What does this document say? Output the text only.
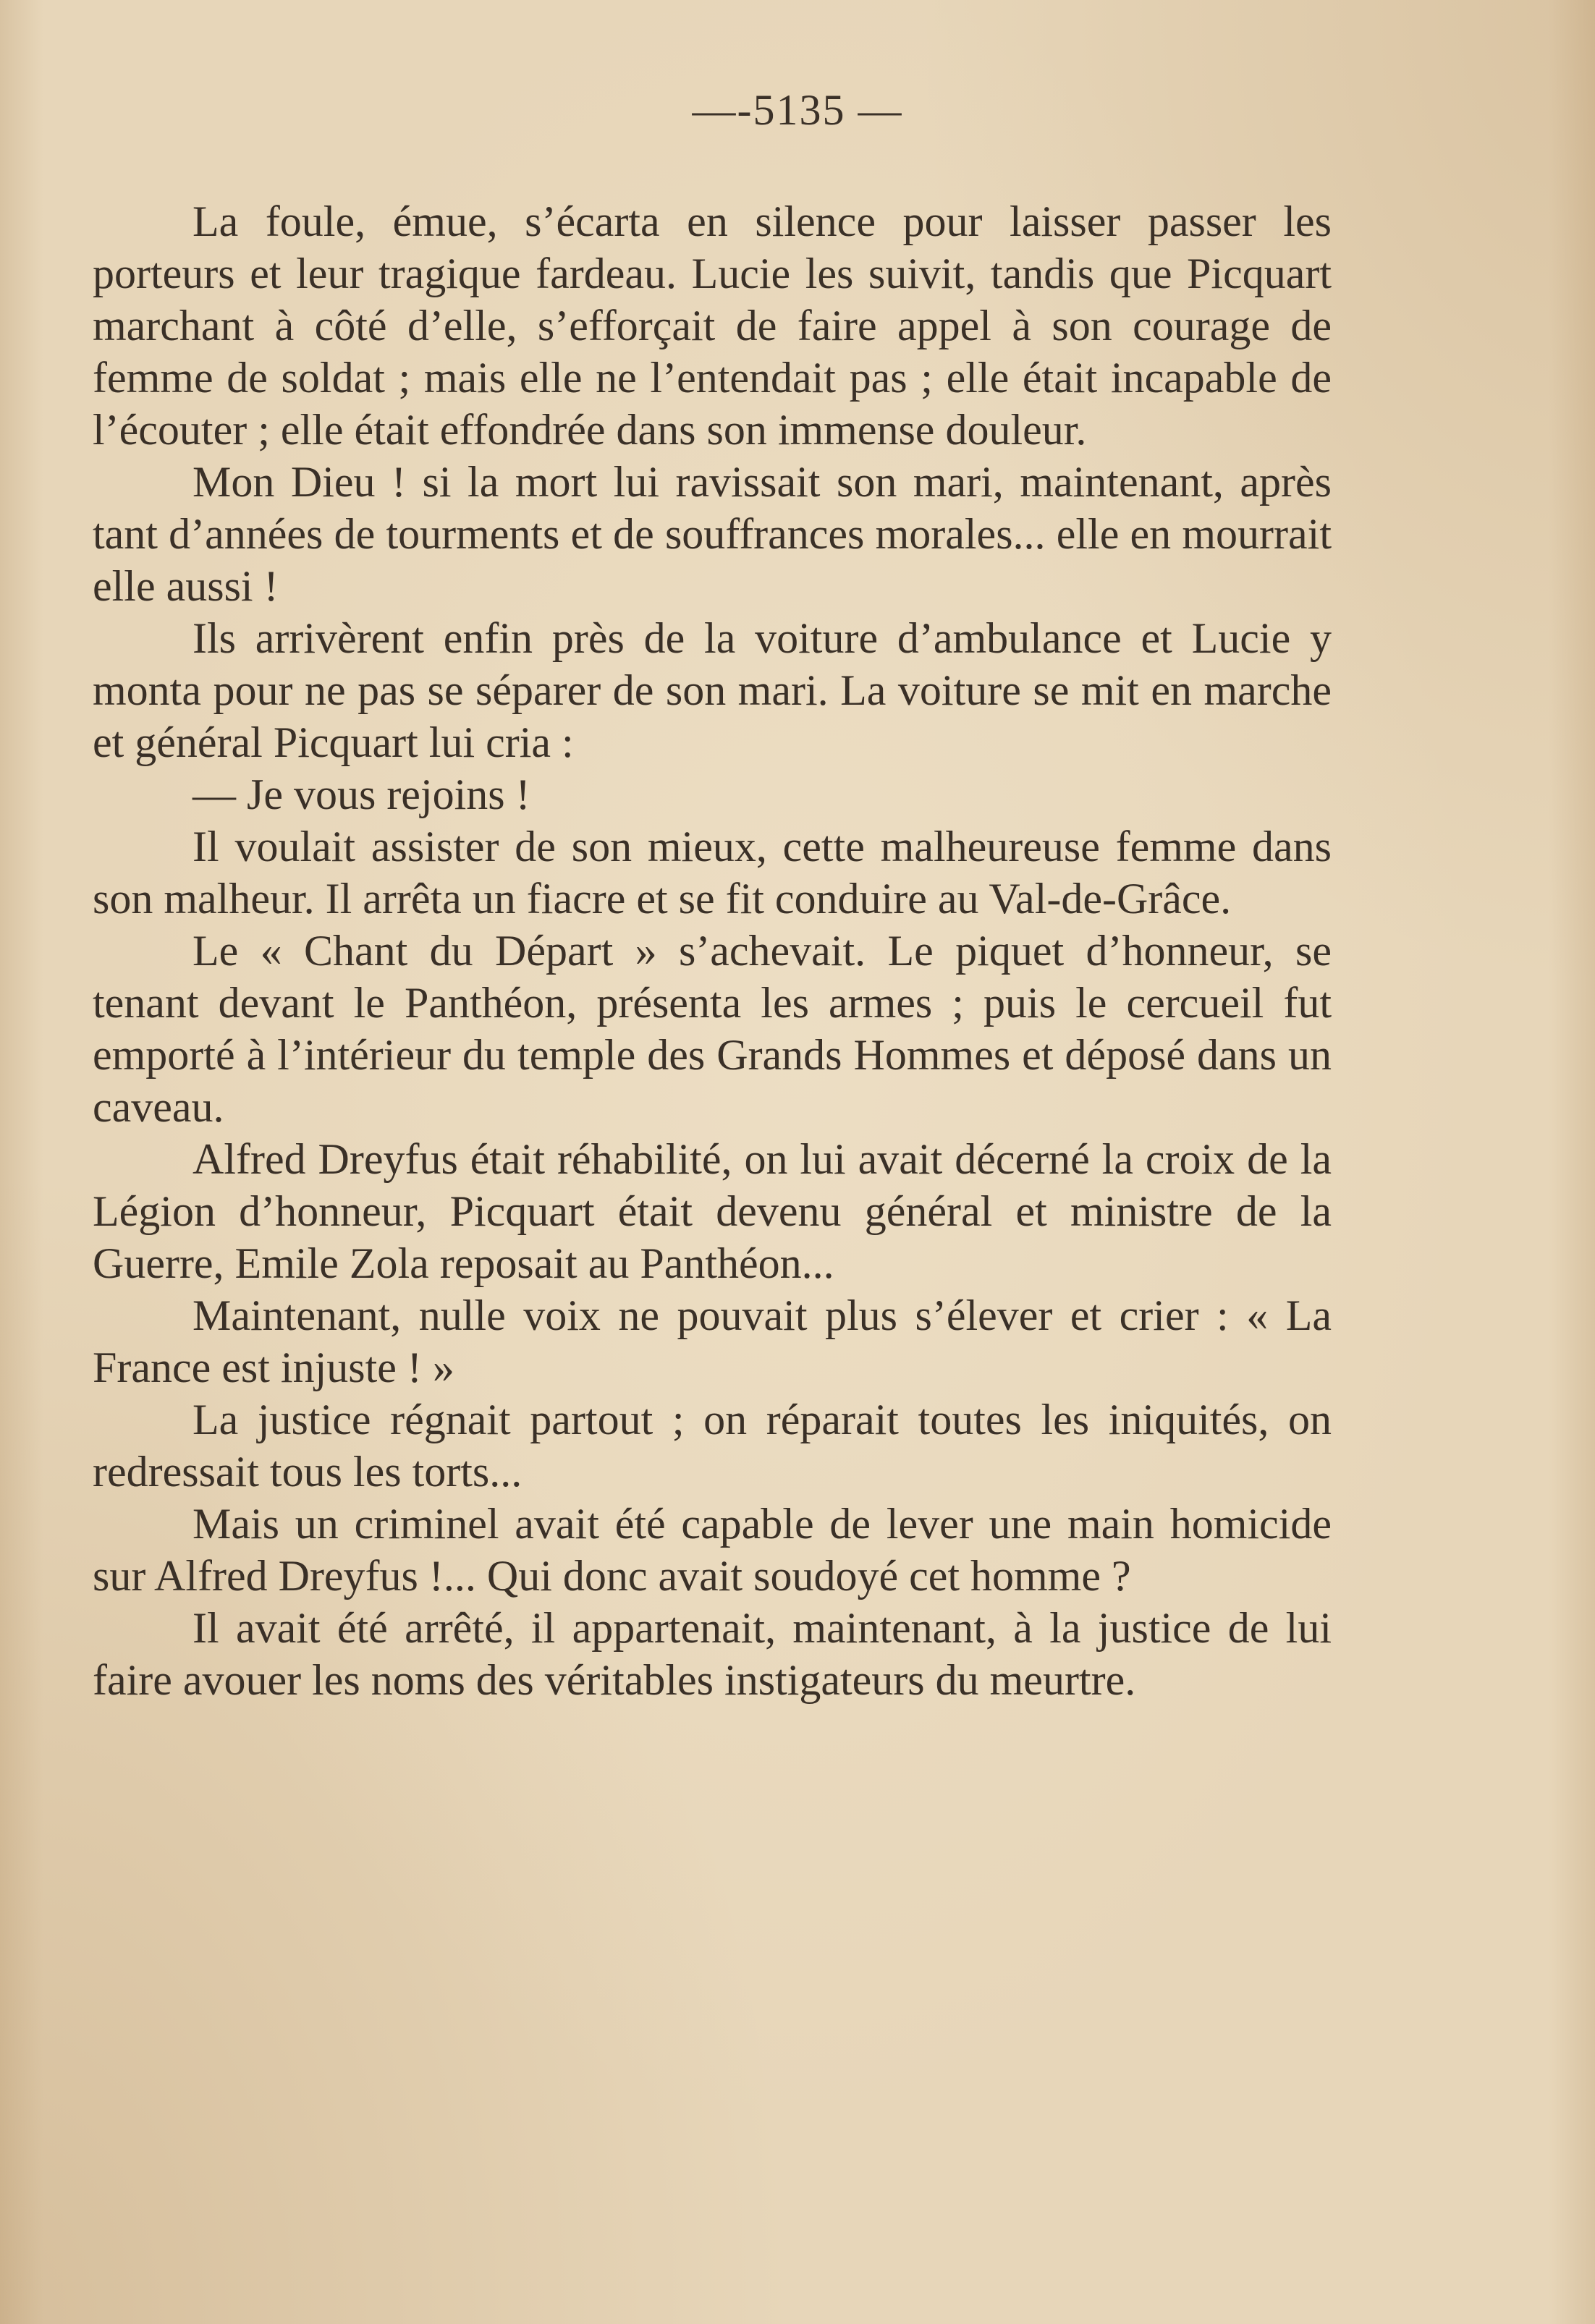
—-5135 —

La foule, émue, s’écarta en silence pour laisser passer les porteurs et leur tragique fardeau. Lucie les suivit, tandis que Picquart marchant à côté d’elle, s’efforçait de faire appel à son courage de femme de soldat ; mais elle ne l’entendait pas ; elle était incapable de l’écouter ; elle était effondrée dans son immense douleur.

Mon Dieu ! si la mort lui ravissait son mari, maintenant, après tant d’années de tourments et de souffrances morales... elle en mourrait elle aussi !

Ils arrivèrent enfin près de la voiture d’ambulance et Lucie y monta pour ne pas se séparer de son mari. La voiture se mit en marche et général Picquart lui cria :

— Je vous rejoins !

Il voulait assister de son mieux, cette malheureuse femme dans son malheur. Il arrêta un fiacre et se fit conduire au Val-de-Grâce.

Le « Chant du Départ » s’achevait. Le piquet d’honneur, se tenant devant le Panthéon, présenta les armes ; puis le cercueil fut emporté à l’intérieur du temple des Grands Hommes et déposé dans un caveau.

Alfred Dreyfus était réhabilité, on lui avait décerné la croix de la Légion d’honneur, Picquart était devenu général et ministre de la Guerre, Emile Zola reposait au Panthéon...

Maintenant, nulle voix ne pouvait plus s’élever et crier : « La France est injuste ! »

La justice régnait partout ; on réparait toutes les iniquités, on redressait tous les torts...

Mais un criminel avait été capable de lever une main homicide sur Alfred Dreyfus !... Qui donc avait soudoyé cet homme ?

Il avait été arrêté, il appartenait, maintenant, à la justice de lui faire avouer les noms des véritables instigateurs du meurtre.
